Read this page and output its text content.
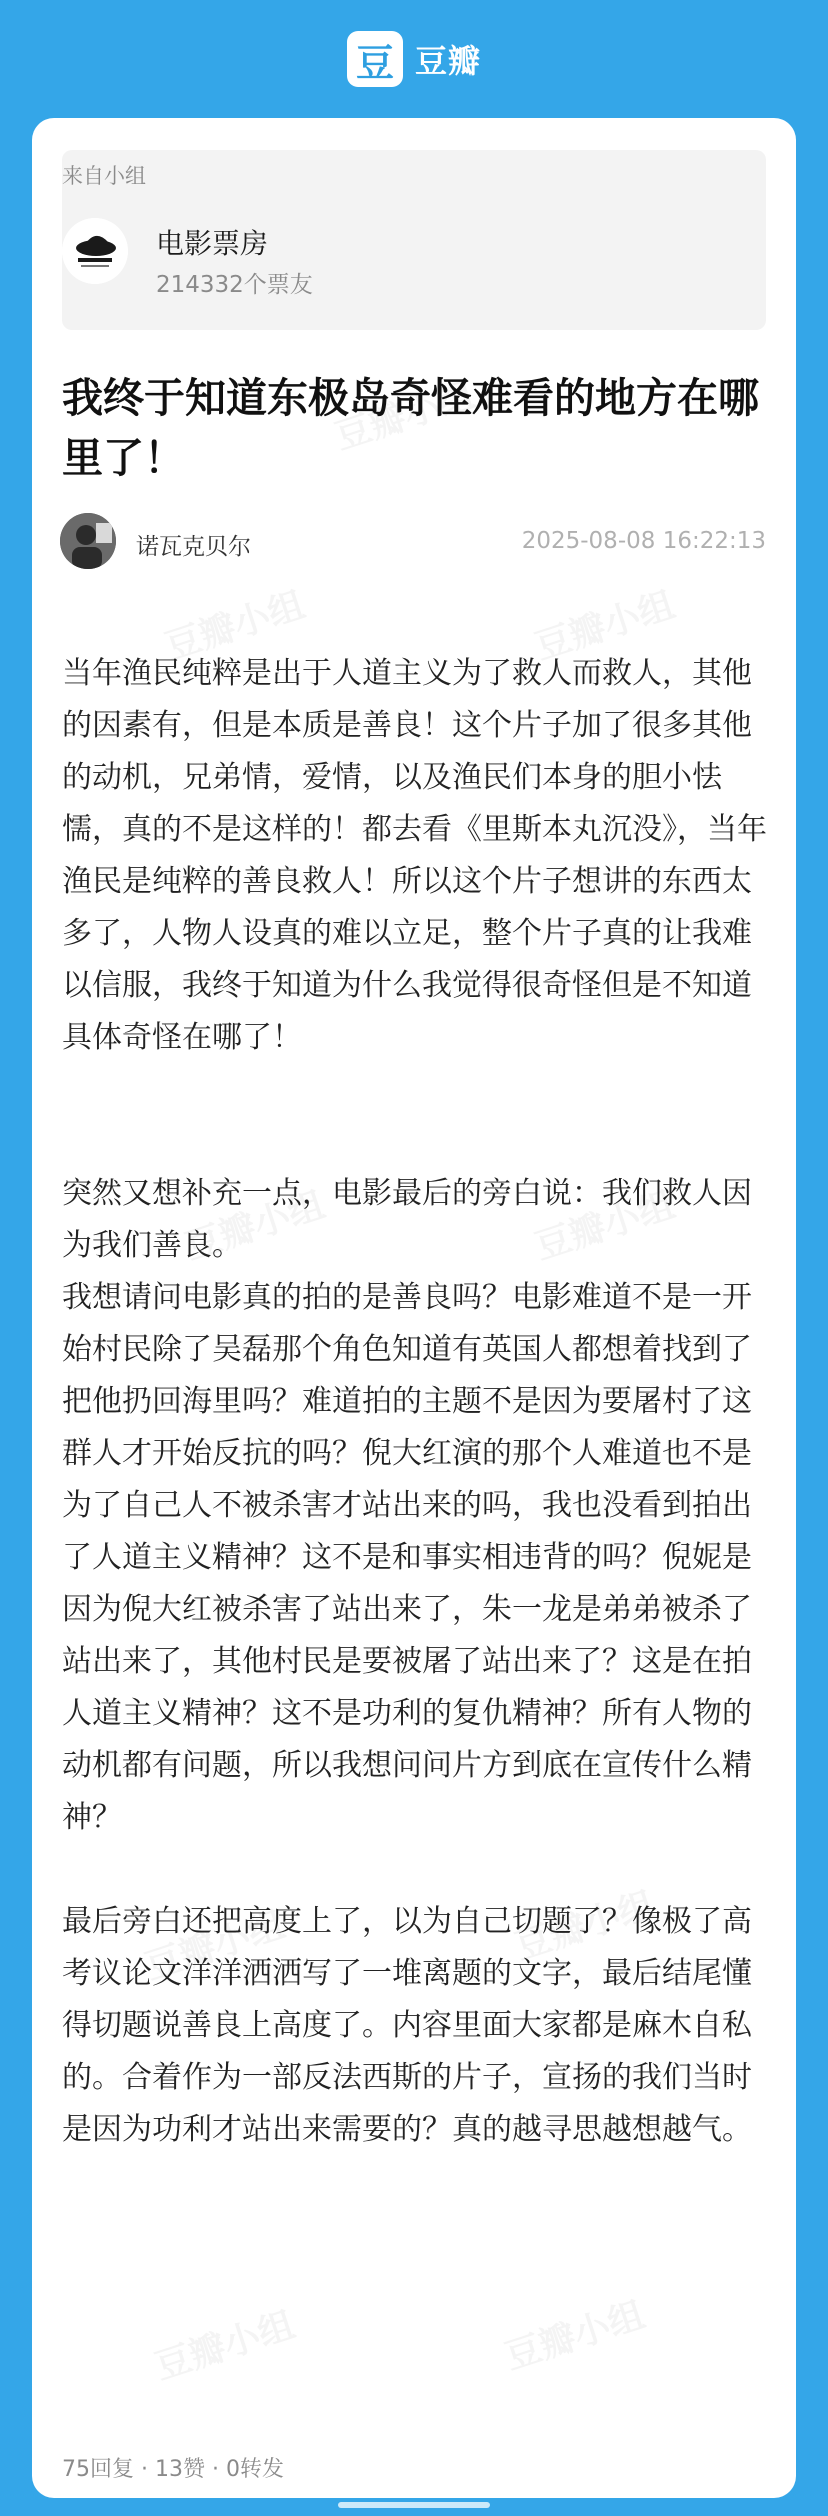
豆 豆瓣
来自小组
电影票房
214332个票友
我终于知道东极岛奇怪难看的地方在哪里了！
诺瓦克贝尔	2025-08-08 16:22:13

当年渔民纯粹是出于人道主义为了救人而救人，其他的因素有，但是本质是善良！这个片子加了很多其他的动机，兄弟情，爱情，以及渔民们本身的胆小怯懦，真的不是这样的！都去看《里斯本丸沉没》，当年渔民是纯粹的善良救人！所以这个片子想讲的东西太多了，人物人设真的难以立足，整个片子真的让我难以信服，我终于知道为什么我觉得很奇怪但是不知道具体奇怪在哪了！

突然又想补充一点，电影最后的旁白说：我们救人因为我们善良。

我想请问电影真的拍的是善良吗？电影难道不是一开始村民除了吴磊那个角色知道有英国人都想着找到了把他扔回海里吗？难道拍的主题不是因为要屠村了这群人才开始反抗的吗？倪大红演的那个人难道也不是为了自己人不被杀害才站出来的吗，我也没看到拍出了人道主义精神？这不是和事实相违背的吗？倪妮是因为倪大红被杀害了站出来了，朱一龙是弟弟被杀了站出来了，其他村民是要被屠了站出来了？这是在拍人道主义精神？这不是功利的复仇精神？所有人物的动机都有问题，所以我想问问片方到底在宣传什么精神？

最后旁白还把高度上了，以为自己切题了？像极了高考议论文洋洋洒洒写了一堆离题的文字，最后结尾懂得切题说善良上高度了。内容里面大家都是麻木自私的。合着作为一部反法西斯的片子，宣扬的我们当时是因为功利才站出来需要的？真的越寻思越想越气。

75回复 · 13赞 · 0转发
